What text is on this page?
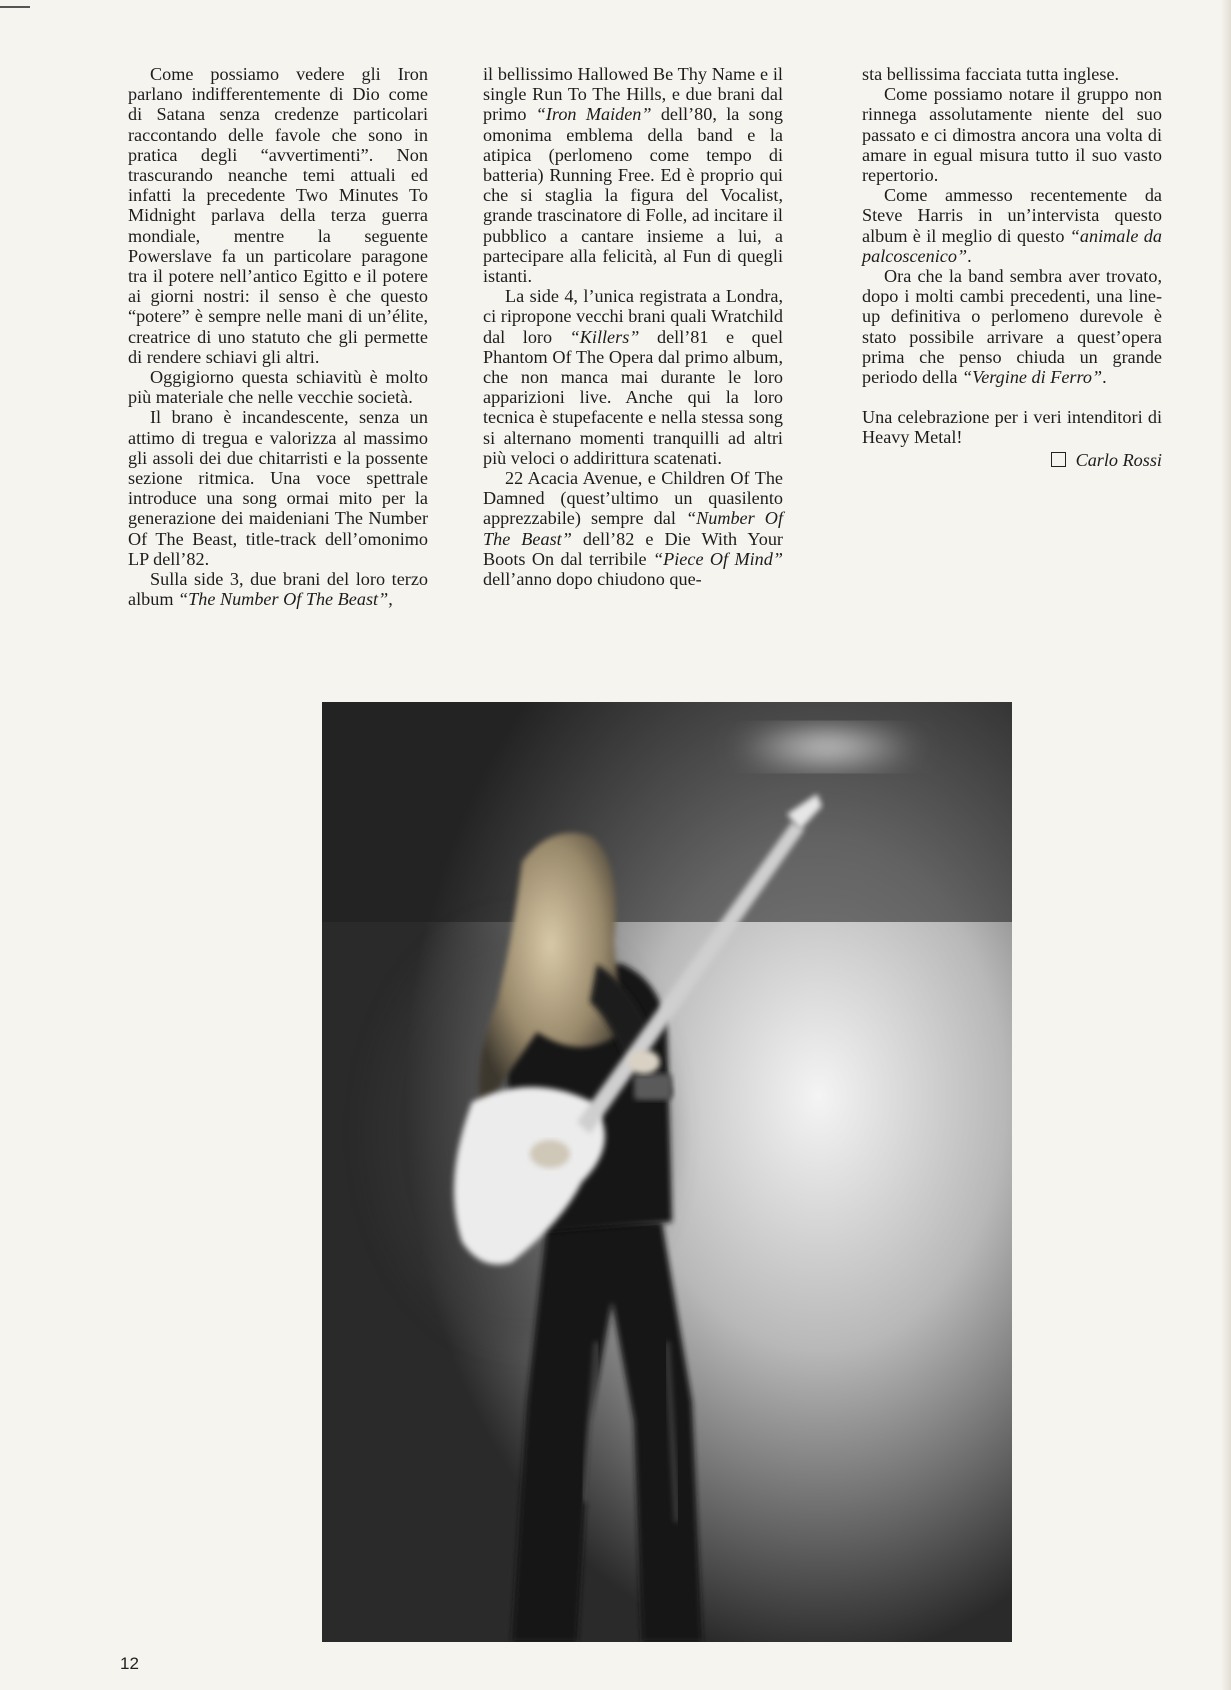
Come possiamo vedere gli Iron parlano indifferentemente di Dio come di Satana senza credenze particolari raccontando delle favole che sono in pratica degli “avvertimenti”. Non trascurando neanche temi attuali ed infatti la precedente Two Minutes To Midnight parlava della terza guerra mondiale, mentre la seguente Powerslave fa un particolare paragone tra il potere nell’antico Egitto e il potere ai giorni nostri: il senso è che questo “potere” è sempre nelle mani di un’élite, creatrice di uno statuto che gli permette di rendere schiavi gli altri.

Oggigiorno questa schiavitù è molto più materiale che nelle vecchie società.

Il brano è incandescente, senza un attimo di tregua e valorizza al massimo gli assoli dei due chitarristi e la possente sezione ritmica. Una voce spettrale introduce una song ormai mito per la generazione dei maideniani The Number Of The Beast, title-track dell’omonimo LP dell’82.

Sulla side 3, due brani del loro terzo album “The Number Of The Beast”,

il bellissimo Hallowed Be Thy Name e il single Run To The Hills, e due brani dal primo “Iron Maiden” dell’80, la song omonima emblema della band e la atipica (perlomeno come tempo di batteria) Running Free. Ed è proprio qui che si staglia la figura del Vocalist, grande trascinatore di Folle, ad incitare il pubblico a cantare insieme a lui, a partecipare alla felicità, al Fun di quegli istanti.

La side 4, l’unica registrata a Londra, ci ripropone vecchi brani quali Wratchild dal loro “Killers” dell’81 e quel Phantom Of The Opera dal primo album, che non manca mai durante le loro apparizioni live. Anche qui la loro tecnica è stupefacente e nella stessa song si alternano momenti tranquilli ad altri più veloci o addirittura scatenati.

22 Acacia Avenue, e Children Of The Damned (quest’ultimo un quasilento apprezzabile) sempre dal “Number Of The Beast” dell’82 e Die With Your Boots On dal terribile “Piece Of Mind” dell’anno dopo chiudono que-

sta bellissima facciata tutta inglese.

Come possiamo notare il gruppo non rinnega assolutamente niente del suo passato e ci dimostra ancora una volta di amare in egual misura tutto il suo vasto repertorio.

Come ammesso recentemente da Steve Harris in un’intervista questo album è il meglio di questo “animale da palcoscenico”.

Ora che la band sembra aver trovato, dopo i molti cambi precedenti, una line-up definitiva o perlomeno durevole è stato possibile arrivare a quest’opera prima che penso chiuda un grande periodo della “Vergine di Ferro”.

Una celebrazione per i veri intenditori di Heavy Metal!

Carlo Rossi

12
